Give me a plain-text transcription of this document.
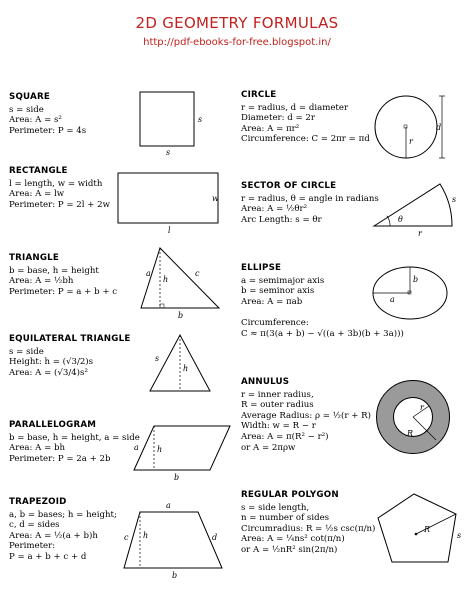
2D GEOMETRY FORMULAS
http://pdf-ebooks-for-free.blogspot.in/
SQUARE
s = side
Area: A = s²
Perimeter: P = 4s
s
s
RECTANGLE
l = length, w = width
Area: A = lw
Perimeter: P = 2l + 2w
w
l
TRIANGLE
b = base, h = height
Area: A = ½bh
Perimeter: P = a + b + c
a
h
c
b
EQUILATERAL TRIANGLE
s = side
Height: h = (√3/2)s
Area: A = (√3/4)s²
s
h
PARALLELOGRAM
b = base, h = height, a = side
Area: A = bh
Perimeter: P = 2a + 2b
a h
b
TRAPEZOID
a, b = bases; h = height;
c, d = sides
Area: A = ½(a + b)h
Perimeter:
P = a + b + c + d
a
c h	d
b
CIRCLE
r = radius, d = diameter
Diameter: d = 2r
Area: A = πr²
Circumference: C = 2πr = πd
d
r
SECTOR OF CIRCLE
r = radius, θ = angle in radians
Area: A = ½θr²
Arc Length: s = θr
s
θ
r
ELLIPSE
a = semimajor axis
b = seminor axis
Area: A = πab
Circumference:
C ≈ π(3(a + b) − √((a + 3b)(b + 3a)))
a
b
ANNULUS
r = inner radius,
R = outer radius
Average Radius: ρ = ½(r + R)
Width: w = R − r
Area: A = π(R² − r²)
or A = 2πρw
r
R
REGULAR POLYGON
s = side length,
n = number of sides
Circumradius: R = ½s csc(π/n)
Area: A = ¼ns² cot(π/n)
or A = ½nR² sin(2π/n)
s
R
